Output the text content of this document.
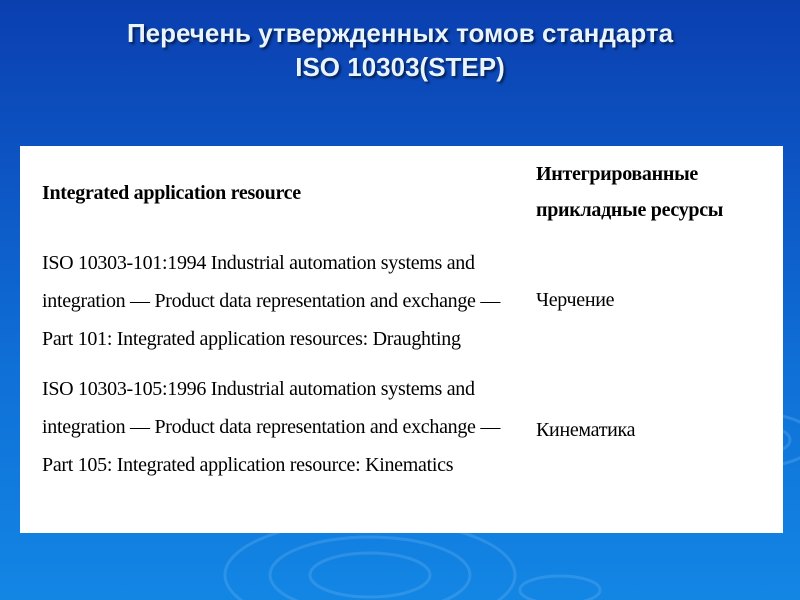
Перечень утвержденных томов стандарта
ISO 10303(STEP)
Integrated application resource
Интегрированные
прикладные ресурсы
ISO 10303-101:1994 Industrial automation systems and
integration — Product data representation and exchange —
Part 101: Integrated application resources: Draughting
Черчение
ISO 10303-105:1996 Industrial automation systems and
integration — Product data representation and exchange —
Part 105: Integrated application resource: Kinematics
Кинематика
